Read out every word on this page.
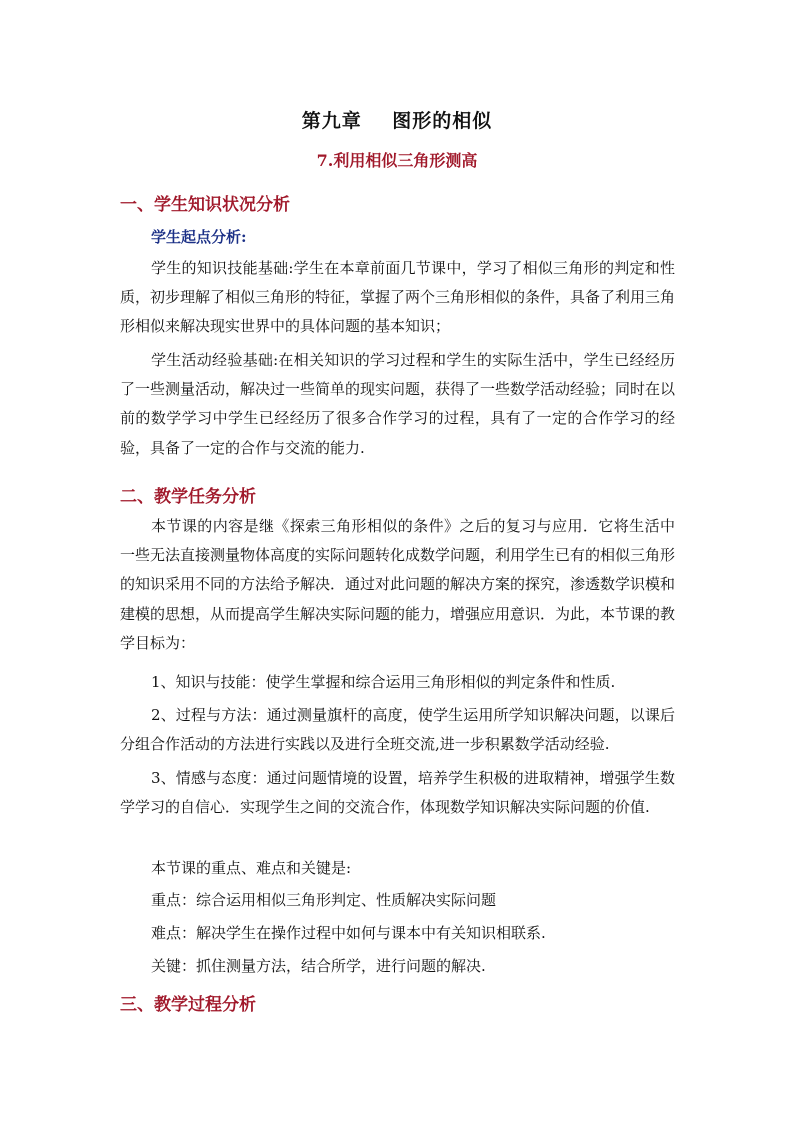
第九章    图形的相似
7.利用相似三角形测高
一、学生知识状况分析
学生起点分析:

学生的知识技能基础:学生在本章前面几节课中，学习了相似三角形的判定和性质，初步理解了相似三角形的特征，掌握了两个三角形相似的条件，具备了利用三角形相似来解决现实世界中的具体问题的基本知识；

学生活动经验基础:在相关知识的学习过程和学生的实际生活中，学生已经经历了一些测量活动，解决过一些简单的现实问题，获得了一些数学活动经验；同时在以前的数学学习中学生已经经历了很多合作学习的过程，具有了一定的合作学习的经验，具备了一定的合作与交流的能力.

二、教学任务分析

本节课的内容是继《探索三角形相似的条件》之后的复习与应用．它将生活中一些无法直接测量物体高度的实际问题转化成数学问题，利用学生已有的相似三角形的知识采用不同的方法给予解决．通过对此问题的解决方案的探究，渗透数学识模和建模的思想，从而提高学生解决实际问题的能力，增强应用意识．为此，本节课的教学目标为：

1、知识与技能：使学生掌握和综合运用三角形相似的判定条件和性质.

2、过程与方法：通过测量旗杆的高度，使学生运用所学知识解决问题，以课后分组合作活动的方法进行实践以及进行全班交流,进一步积累数学活动经验.

3、情感与态度：通过问题情境的设置，培养学生积极的进取精神，增强学生数学学习的自信心．实现学生之间的交流合作，体现数学知识解决实际问题的价值.

本节课的重点、难点和关键是:
重点：综合运用相似三角形判定、性质解决实际问题
难点：解决学生在操作过程中如何与课本中有关知识相联系.
关键：抓住测量方法，结合所学，进行问题的解决.
三、教学过程分析
